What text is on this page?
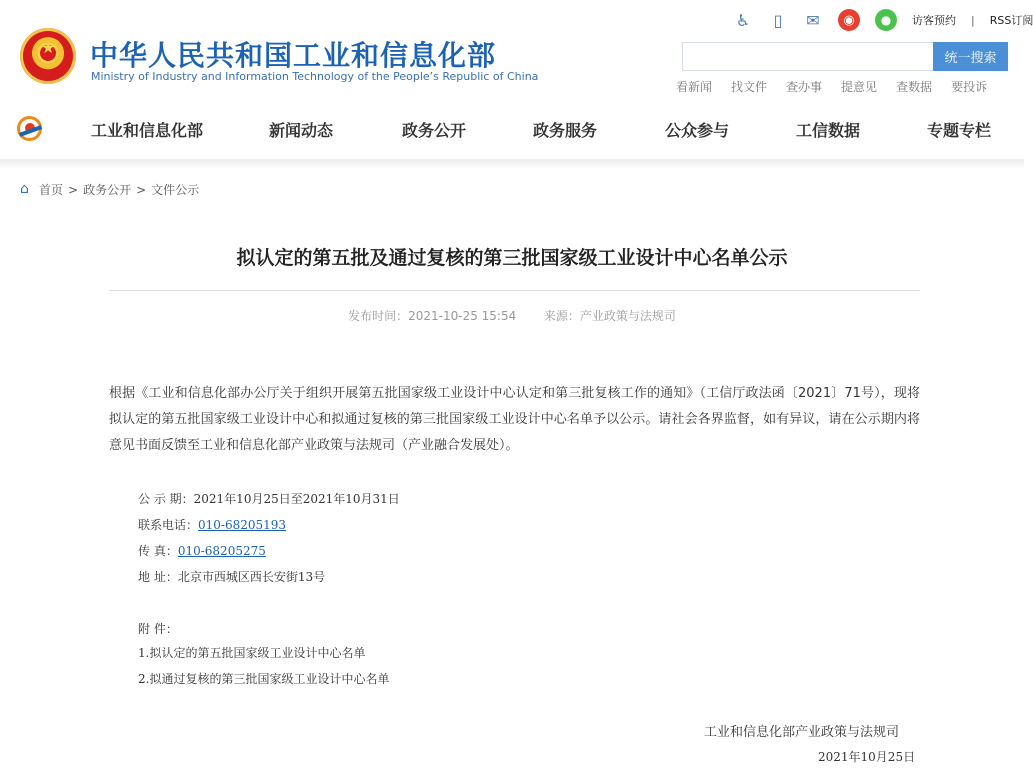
★
中华人民共和国工业和信息化部
Ministry of Industry and Information Technology of the People’s Republic of China
♿	▯	✉	◉	●	访客预约 | RSS订阅
统一搜索
看新闻 找文件 查办事 提意见 查数据 要投诉
工业和信息化部	新闻动态	政务公开	政务服务	公众参与	工信数据	专题专栏
⌂ 首页 > 政务公开 > 文件公示
拟认定的第五批及通过复核的第三批国家级工业设计中心名单公示
发布时间：2021-10-25 15:54 来源：产业政策与法规司
根据《工业和信息化部办公厅关于组织开展第五批国家级工业设计中心认定和第三批复核工作的通知》（工信厅政法函〔2021〕71号），现将拟认定的第五批国家级工业设计中心和拟通过复核的第三批国家级工业设计中心名单予以公示。请社会各界监督，如有异议，请在公示期内将意见书面反馈至工业和信息化部产业政策与法规司（产业融合发展处）。
公 示 期：2021年10月25日至2021年10月31日
联系电话：010-68205193
传 真：010-68205275
地 址：北京市西城区西长安街13号
附 件：
1.拟认定的第五批国家级工业设计中心名单
2.拟通过复核的第三批国家级工业设计中心名单
工业和信息化部产业政策与法规司
2021年10月25日
